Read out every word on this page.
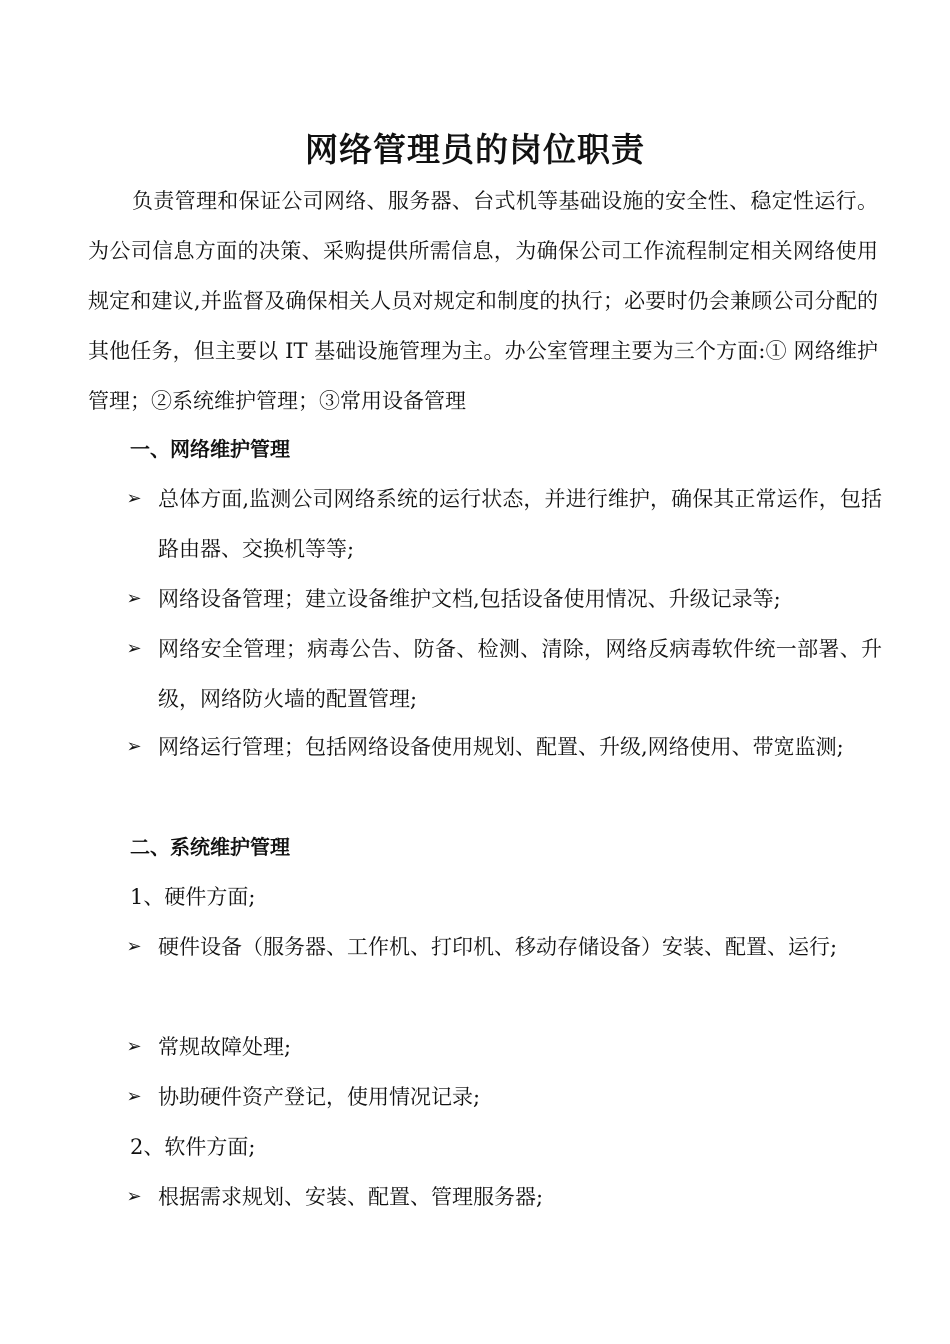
网络管理员的岗位职责
负责管理和保证公司网络、服务器、台式机等基础设施的安全性、稳定性运行。为公司信息方面的决策、采购提供所需信息，为确保公司工作流程制定相关网络使用规定和建议,并监督及确保相关人员对规定和制度的执行；必要时仍会兼顾公司分配的其他任务，但主要以 IT 基础设施管理为主。办公室管理主要为三个方面:① 网络维护管理；②系统维护管理；③常用设备管理
一、网络维护管理
➢ 总体方面,监测公司网络系统的运行状态，并进行维护，确保其正常运作，包括路由器、交换机等等;
➢ 网络设备管理；建立设备维护文档,包括设备使用情况、升级记录等;
➢ 网络安全管理；病毒公告、防备、检测、清除，网络反病毒软件统一部署、升级，网络防火墙的配置管理;
➢ 网络运行管理；包括网络设备使用规划、配置、升级,网络使用、带宽监测;
二、系统维护管理
1、硬件方面;
➢ 硬件设备（服务器、工作机、打印机、移动存储设备）安装、配置、运行;
➢ 常规故障处理;
➢ 协助硬件资产登记，使用情况记录;
2、软件方面;
➢ 根据需求规划、安装、配置、管理服务器;
